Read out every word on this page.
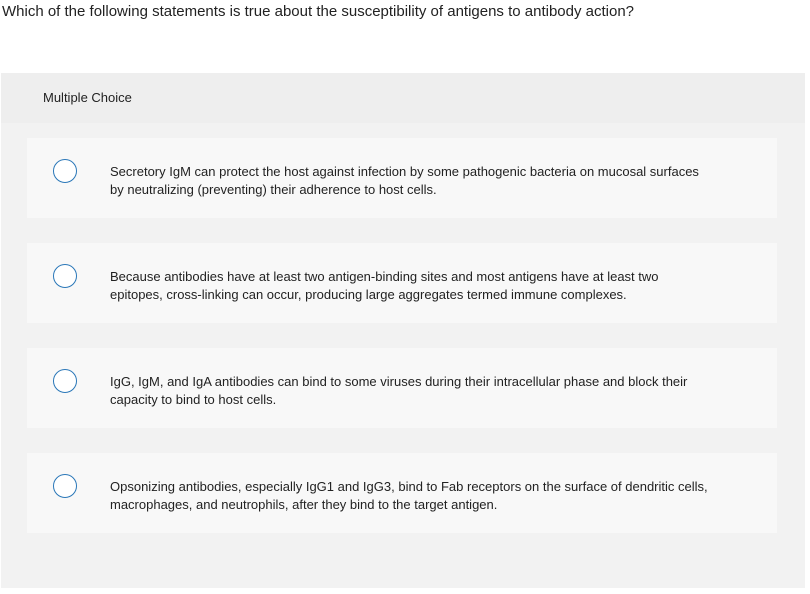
Which of the following statements is true about the susceptibility of antigens to antibody action?
Multiple Choice
Secretory IgM can protect the host against infection by some pathogenic bacteria on mucosal surfaces by neutralizing (preventing) their adherence to host cells.
Because antibodies have at least two antigen-binding sites and most antigens have at least two epitopes, cross-linking can occur, producing large aggregates termed immune complexes.
IgG, IgM, and IgA antibodies can bind to some viruses during their intracellular phase and block their capacity to bind to host cells.
Opsonizing antibodies, especially IgG1 and IgG3, bind to Fab receptors on the surface of dendritic cells, macrophages, and neutrophils, after they bind to the target antigen.
